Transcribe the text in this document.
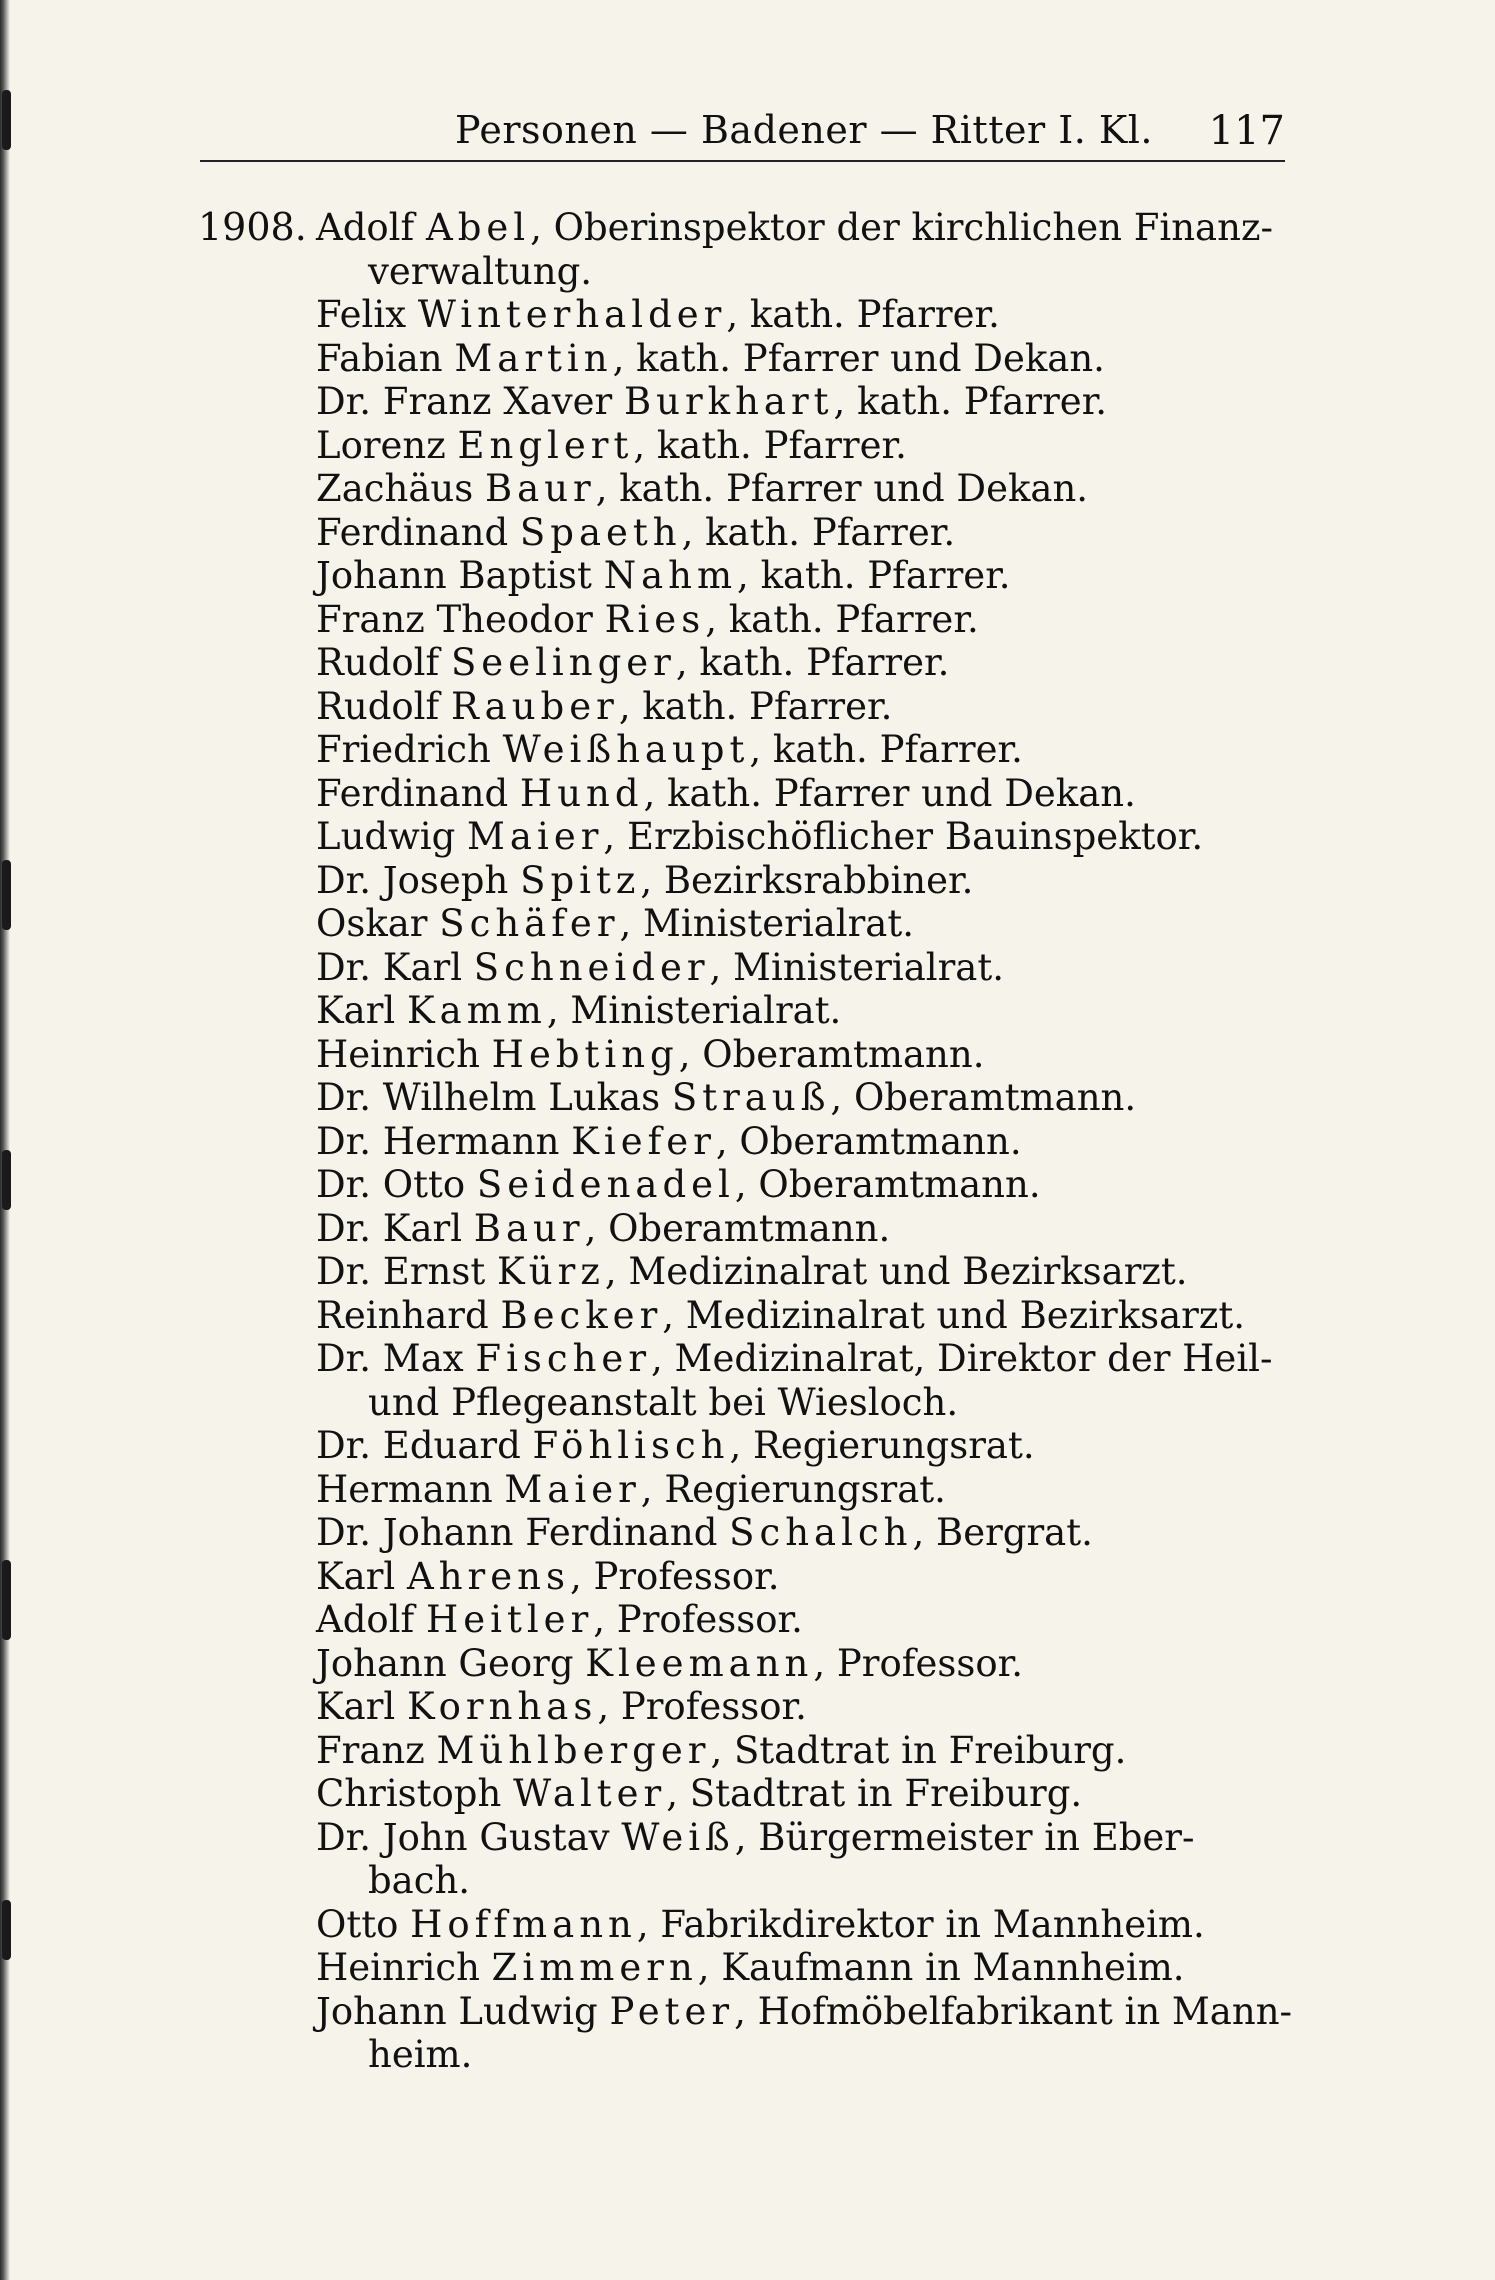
Personen — Badener — Ritter I. Kl. 117
1908. Adolf Abel, Oberinspektor der kirchlichen Finanz-
verwaltung.
Felix Winterhalder, kath. Pfarrer.
Fabian Martin, kath. Pfarrer und Dekan.
Dr. Franz Xaver Burkhart, kath. Pfarrer.
Lorenz Englert, kath. Pfarrer.
Zachäus Baur, kath. Pfarrer und Dekan.
Ferdinand Spaeth, kath. Pfarrer.
Johann Baptist Nahm, kath. Pfarrer.
Franz Theodor Ries, kath. Pfarrer.
Rudolf Seelinger, kath. Pfarrer.
Rudolf Rauber, kath. Pfarrer.
Friedrich Weißhaupt, kath. Pfarrer.
Ferdinand Hund, kath. Pfarrer und Dekan.
Ludwig Maier, Erzbischöflicher Bauinspektor.
Dr. Joseph Spitz, Bezirksrabbiner.
Oskar Schäfer, Ministerialrat.
Dr. Karl Schneider, Ministerialrat.
Karl Kamm, Ministerialrat.
Heinrich Hebting, Oberamtmann.
Dr. Wilhelm Lukas Strauß, Oberamtmann.
Dr. Hermann Kiefer, Oberamtmann.
Dr. Otto Seidenadel, Oberamtmann.
Dr. Karl Baur, Oberamtmann.
Dr. Ernst Kürz, Medizinalrat und Bezirksarzt.
Reinhard Becker, Medizinalrat und Bezirksarzt.
Dr. Max Fischer, Medizinalrat, Direktor der Heil-
und Pflegeanstalt bei Wiesloch.
Dr. Eduard Föhlisch, Regierungsrat.
Hermann Maier, Regierungsrat.
Dr. Johann Ferdinand Schalch, Bergrat.
Karl Ahrens, Professor.
Adolf Heitler, Professor.
Johann Georg Kleemann, Professor.
Karl Kornhas, Professor.
Franz Mühlberger, Stadtrat in Freiburg.
Christoph Walter, Stadtrat in Freiburg.
Dr. John Gustav Weiß, Bürgermeister in Eber-
bach.
Otto Hoffmann, Fabrikdirektor in Mannheim.
Heinrich Zimmern, Kaufmann in Mannheim.
Johann Ludwig Peter, Hofmöbelfabrikant in Mann-
heim.
